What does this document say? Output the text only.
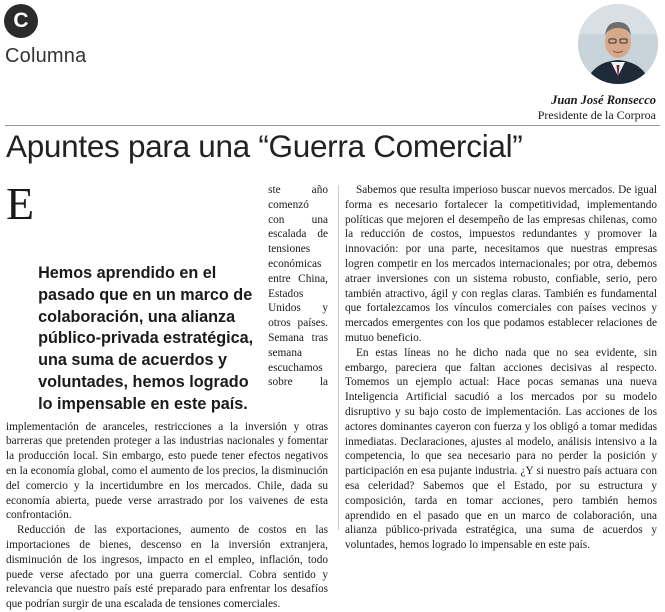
C
Columna
Juan José Ronsecco
Presidente de la Corproa
Apuntes para una “Guerra Comercial”
E
Hemos aprendido en el pasado que en un marco de colaboración, una alianza público-privada estratégica, una suma de acuerdos y voluntades, hemos logrado lo impensable en este país.

ste año comenzó con una escalada de tensiones económicas entre China, Estados Unidos y otros países. Semana tras semana escuchamos sobre la implementación de aranceles, restricciones a la inversión y otras barreras que pretenden proteger a las industrias nacionales y fomentar la producción local. Sin embargo, esto puede tener efectos negativos en la economía global, como el aumento de los precios, la disminución del comercio y la incertidumbre en los mercados. Chile, dada su economía abierta, puede verse arrastrado por los vaivenes de esta confrontación.

Reducción de las exportaciones, aumento de costos en las importaciones de bienes, descenso en la inversión extranjera, disminución de los ingresos, impacto en el empleo, inflación, todo puede verse afectado por una guerra comercial. Cobra sentido y relevancia que nuestro país esté preparado para enfrentar los desafíos que podrían surgir de una escalada de tensiones comerciales.

Sabemos que resulta imperioso buscar nuevos mercados. De igual forma es necesario fortalecer la competitividad, implementando políticas que mejoren el desempeño de las empresas chilenas, como la reducción de costos, impuestos redundantes y promover la innovación: por una parte, necesitamos que nuestras empresas logren competir en los mercados internacionales; por otra, debemos atraer inversiones con un sistema robusto, confiable, serio, pero también atractivo, ágil y con reglas claras. También es fundamental que fortalezcamos los vínculos comerciales con países vecinos y mercados emergentes con los que podamos establecer relaciones de mutuo beneficio.

En estas líneas no he dicho nada que no sea evidente, sin embargo, pareciera que faltan acciones decisivas al respecto. Tomemos un ejemplo actual: Hace pocas semanas una nueva Inteligencia Artificial sacudió a los mercados por su modelo disruptivo y su bajo costo de implementación. Las acciones de los actores dominantes cayeron con fuerza y los obligó a tomar medidas inmediatas. Declaraciones, ajustes al modelo, análisis intensivo a la competencia, lo que sea necesario para no perder la posición y participación en esa pujante industria. ¿Y si nuestro país actuara con esa celeridad? Sabemos que el Estado, por su estructura y composición, tarda en tomar acciones, pero también hemos aprendido en el pasado que en un marco de colaboración, una alianza público-privada estratégica, una suma de acuerdos y voluntades, hemos logrado lo impensable en este país.
